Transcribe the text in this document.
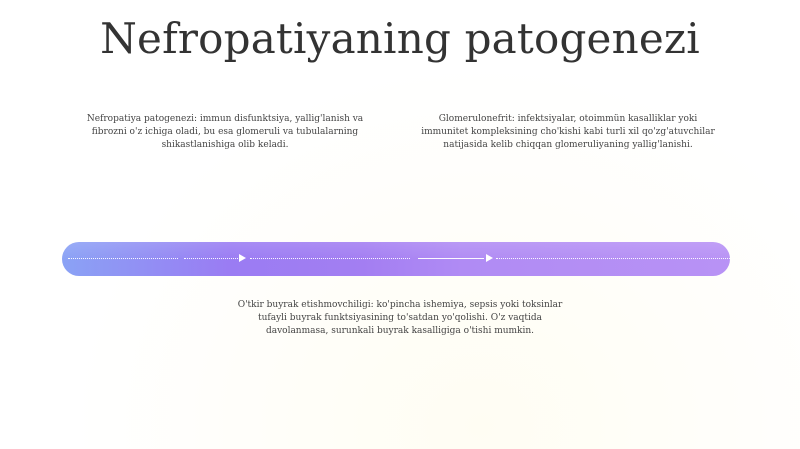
Nefropatiyaning patogenezi
Nefropatiya patogenezi: immun disfunktsiya, yallig'lanish va fibrozni o'z ichiga oladi, bu esa glomeruli va tubulalarning shikastlanishiga olib keladi.
Glomerulonefrit: infektsiyalar, otoimmün kasalliklar yoki immunitet kompleksining cho'kishi kabi turli xil qo'zg'atuvchilar natijasida kelib chiqqan glomeruliyaning yallig'lanishi.
O'tkir buyrak etishmovchiligi: ko'pincha ishemiya, sepsis yoki toksinlar tufayli buyrak funktsiyasining to'satdan yo'qolishi. O'z vaqtida davolanmasa, surunkali buyrak kasalligiga o'tishi mumkin.
